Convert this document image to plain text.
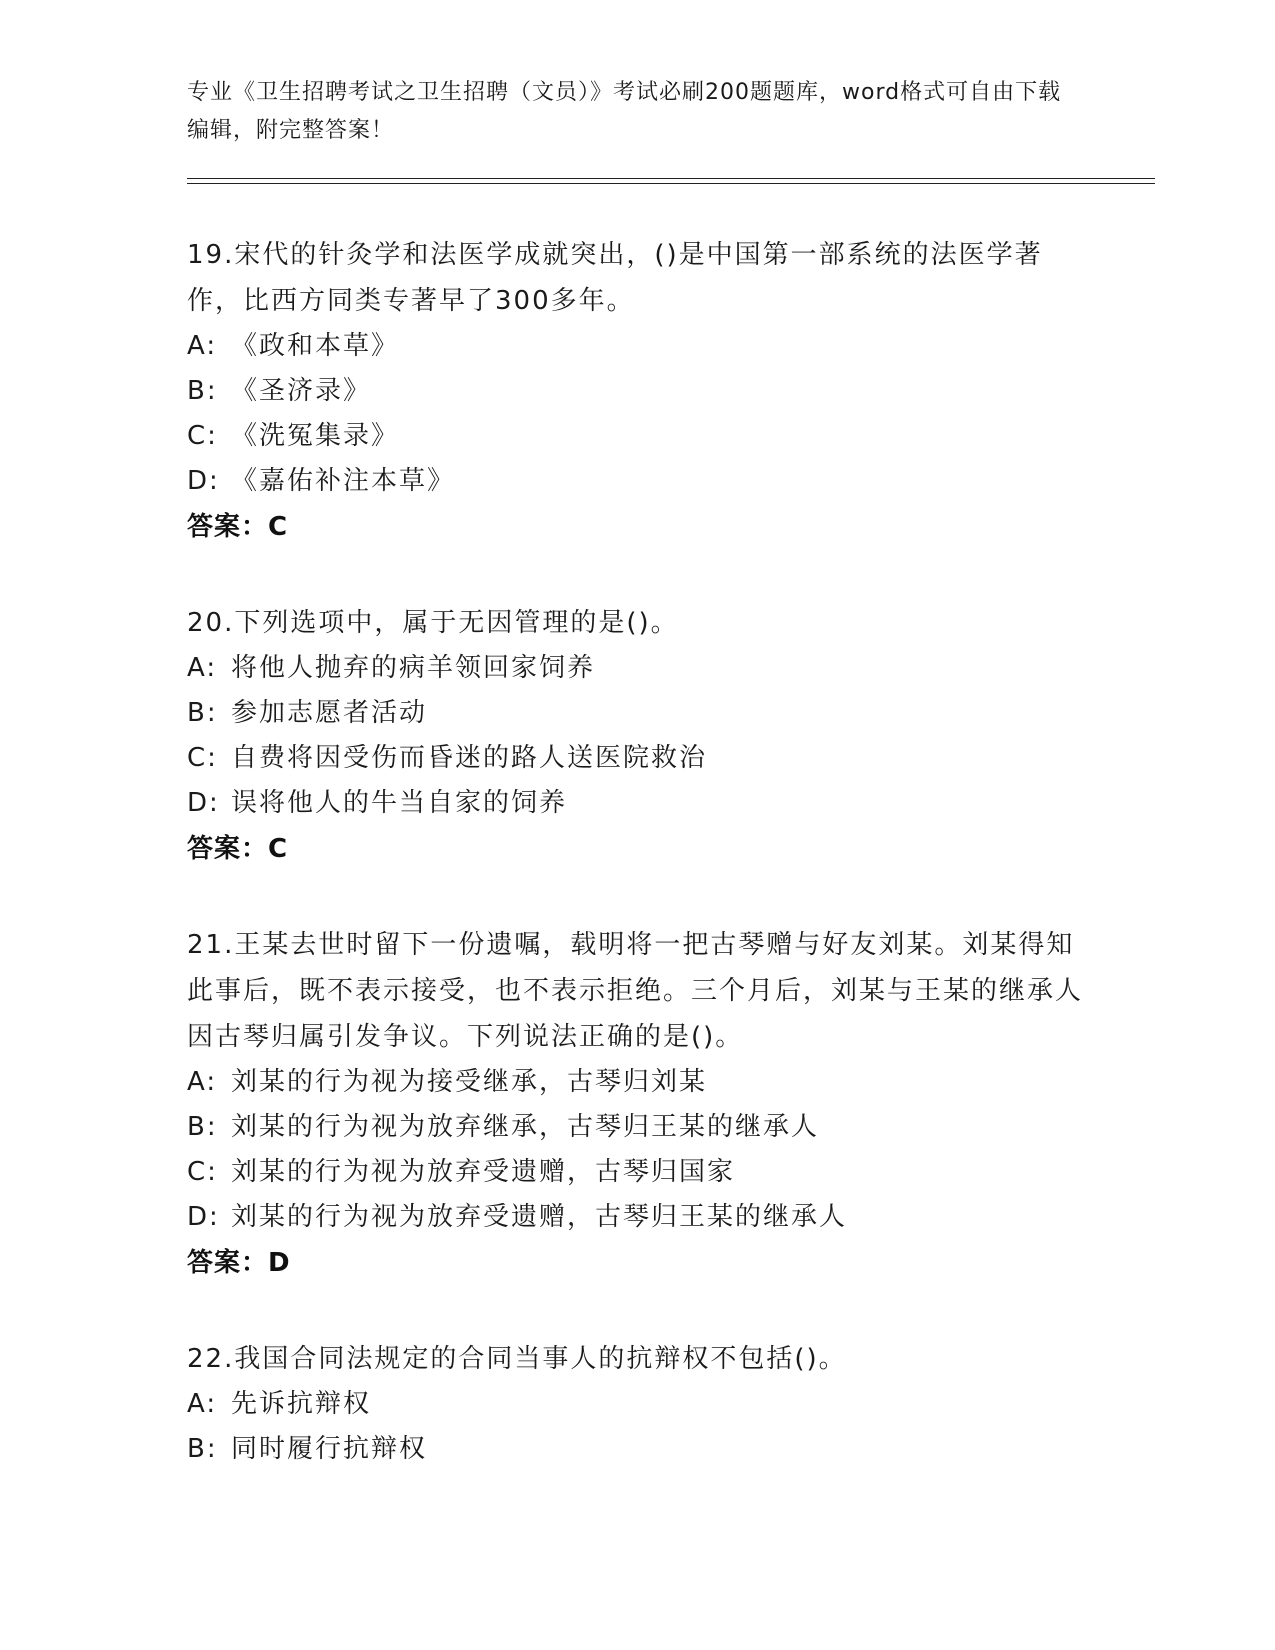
专业《卫生招聘考试之卫生招聘（文员）》考试必刷200题题库，word格式可自由下载编辑，附完整答案！

19.宋代的针灸学和法医学成就突出，()是中国第一部系统的法医学著作，比西方同类专著早了300多年。

A: 《政和本草》
B: 《圣济录》
C: 《洗冤集录》
D: 《嘉佑补注本草》
答案：C

20.下列选项中，属于无因管理的是()。

A: 将他人抛弃的病羊领回家饲养
B: 参加志愿者活动
C: 自费将因受伤而昏迷的路人送医院救治
D: 误将他人的牛当自家的饲养
答案：C

21.王某去世时留下一份遗嘱，载明将一把古琴赠与好友刘某。刘某得知此事后，既不表示接受，也不表示拒绝。三个月后，刘某与王某的继承人因古琴归属引发争议。下列说法正确的是()。

A: 刘某的行为视为接受继承，古琴归刘某
B: 刘某的行为视为放弃继承，古琴归王某的继承人
C: 刘某的行为视为放弃受遗赠，古琴归国家
D: 刘某的行为视为放弃受遗赠，古琴归王某的继承人
答案：D

22.我国合同法规定的合同当事人的抗辩权不包括()。

A: 先诉抗辩权
B: 同时履行抗辩权
